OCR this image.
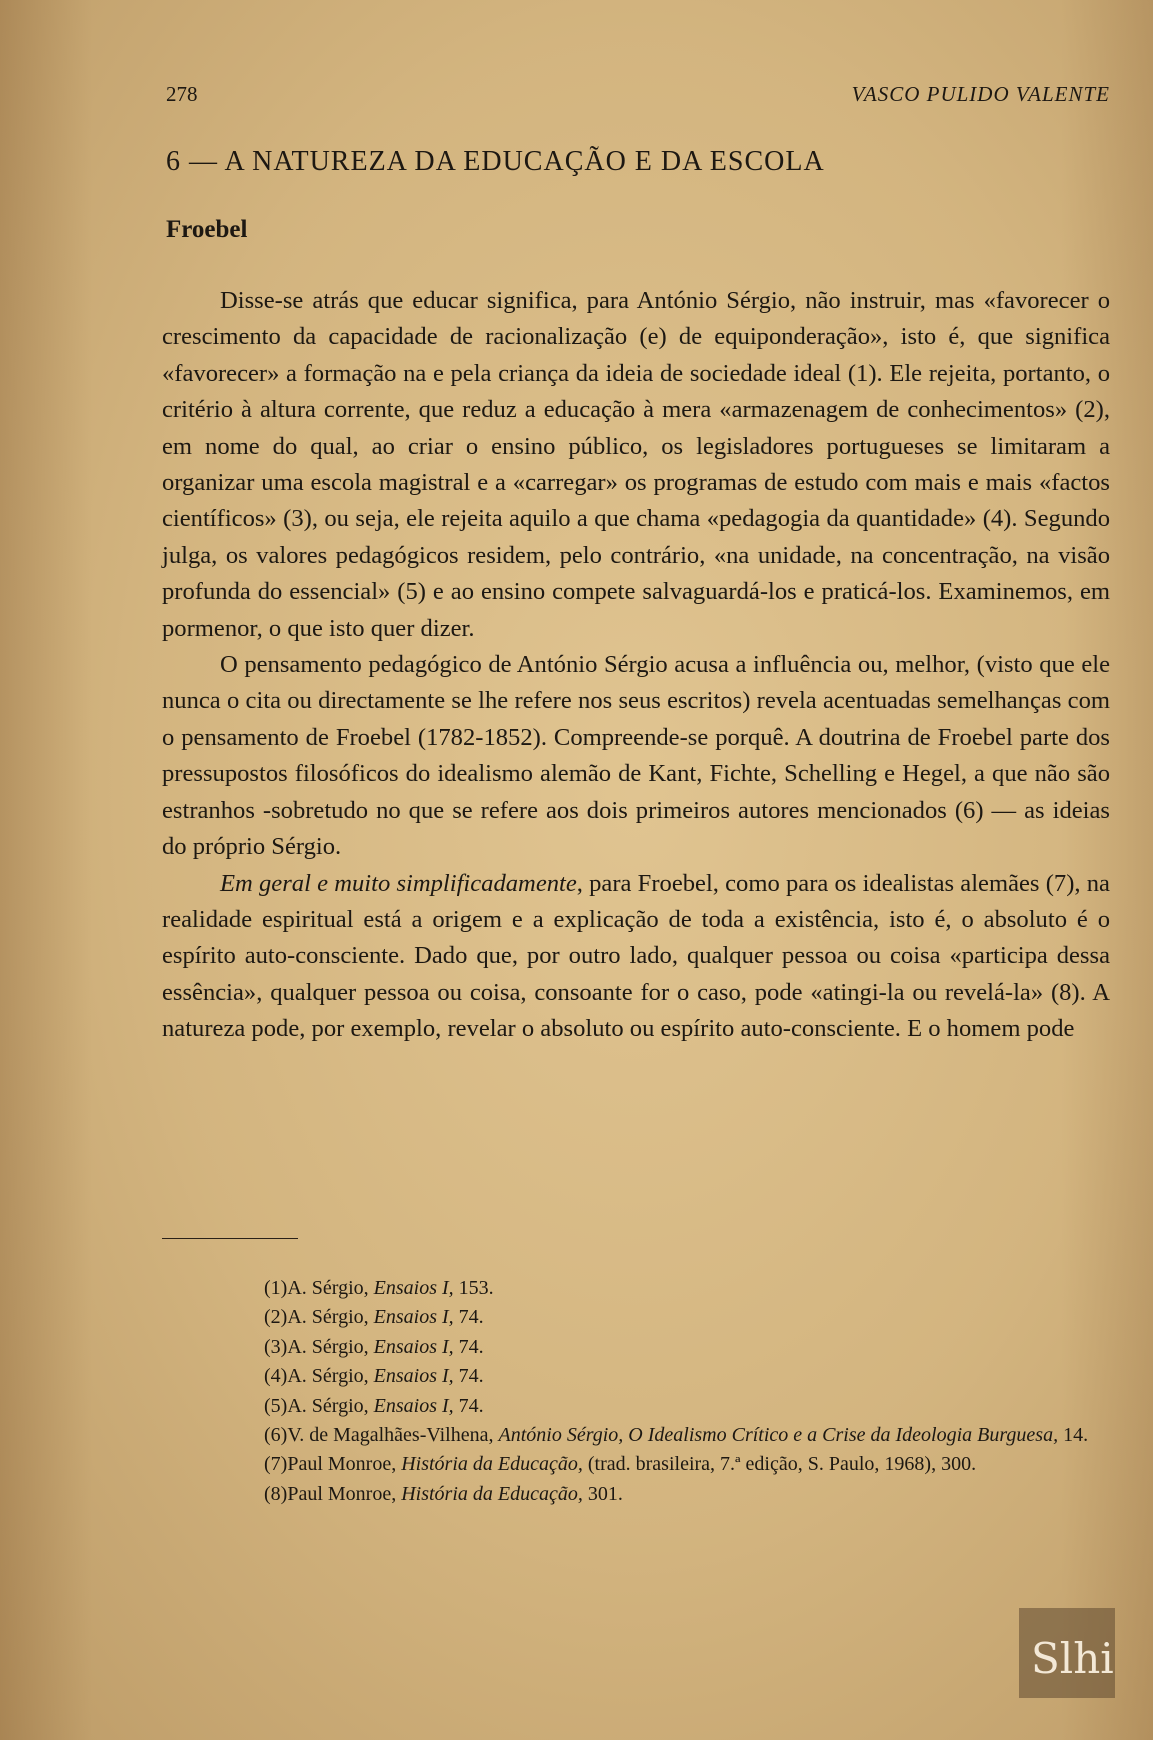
278	VASCO PULIDO VALENTE
6 — A NATUREZA DA EDUCAÇÃO E DA ESCOLA
Froebel

Disse-se atrás que educar significa, para António Sérgio, não instruir, mas «favorecer o crescimento da capacidade de racionalização (e) de equiponderação», isto é, que significa «favorecer» a formação na e pela criança da ideia de sociedade ideal (1). Ele rejeita, portanto, o critério à altura corrente, que reduz a educação à mera «armazenagem de conhecimentos» (2), em nome do qual, ao criar o ensino público, os legisladores portugueses se limitaram a organizar uma escola magistral e a «carregar» os programas de estudo com mais e mais «factos científicos» (3), ou seja, ele rejeita aquilo a que chama «pedagogia da quantidade» (4). Segundo julga, os valores pedagógicos residem, pelo contrário, «na unidade, na concentração, na visão profunda do essencial» (5) e ao ensino compete salvaguardá-los e praticá-los. Examinemos, em pormenor, o que isto quer dizer.

O pensamento pedagógico de António Sérgio acusa a influência ou, melhor, (visto que ele nunca o cita ou directamente se lhe refere nos seus escritos) revela acentuadas semelhanças com o pensamento de Froebel (1782-1852). Compreende-se porquê. A doutrina de Froebel parte dos pressupostos filosóficos do idealismo alemão de Kant, Fichte, Schelling e Hegel, a que não são estranhos -sobretudo no que se refere aos dois primeiros autores mencionados (6) — as ideias do próprio Sérgio.

Em geral e muito simplificadamente, para Froebel, como para os idealistas alemães (7), na realidade espiritual está a origem e a explicação de toda a existência, isto é, o absoluto é o espírito auto-consciente. Dado que, por outro lado, qualquer pessoa ou coisa «participa dessa essência», qualquer pessoa ou coisa, consoante for o caso, pode «atingi-la ou revelá-la» (8). A natureza pode, por exemplo, revelar o absoluto ou espírito auto-consciente. E o homem pode

(1)A. Sérgio, Ensaios I, 153.

(2)A. Sérgio, Ensaios I, 74.

(3)A. Sérgio, Ensaios I, 74.

(4)A. Sérgio, Ensaios I, 74.

(5)A. Sérgio, Ensaios I, 74.

(6)V. de Magalhães-Vilhena, António Sérgio, O Idealismo Crítico e a Crise da Ideologia Burguesa, 14.

(7)Paul Monroe, História da Educação, (trad. brasileira, 7.ª edição, S. Paulo, 1968), 300.

(8)Paul Monroe, História da Educação, 301.

Slhi
